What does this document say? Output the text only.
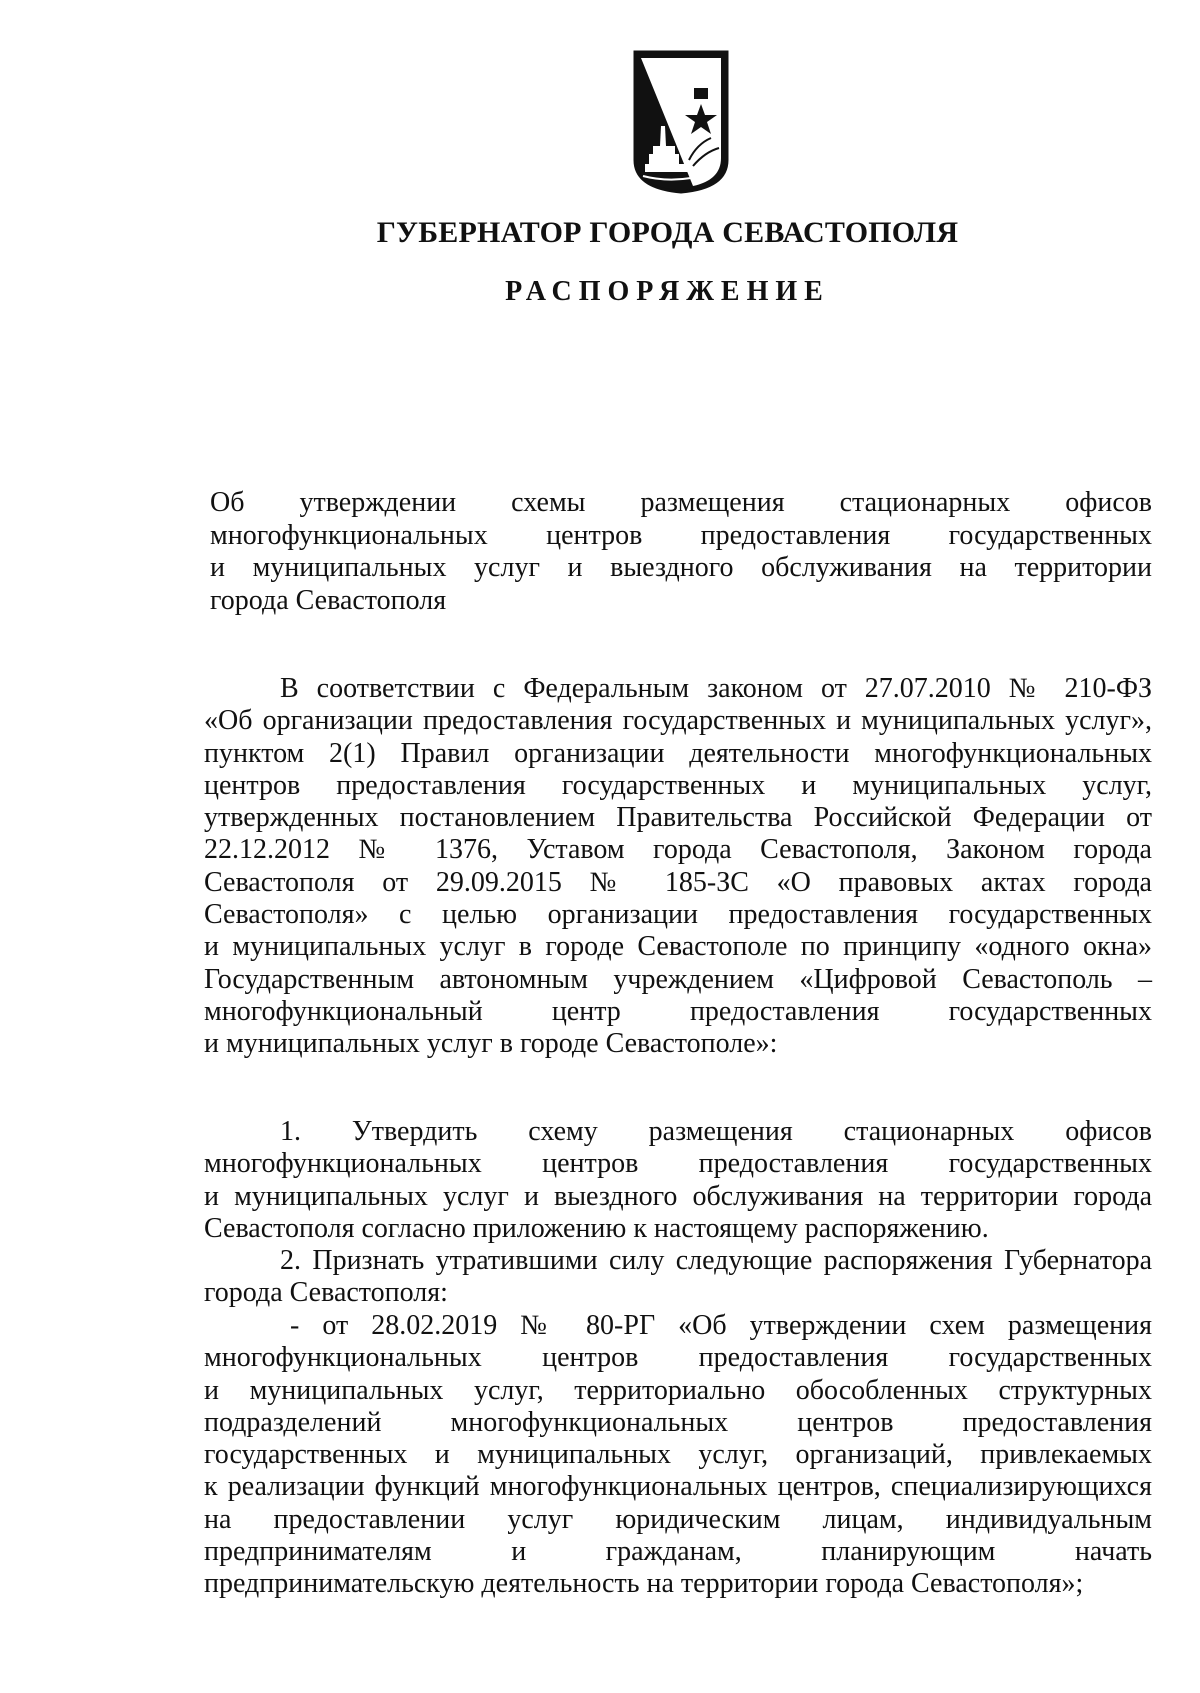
ГУБЕРНАТОР ГОРОДА СЕВАСТОПОЛЯ
РАСПОРЯЖЕНИЕ
Об утверждении схемы размещения стационарных офисов
многофункциональных центров предоставления государственных
и муниципальных услуг и выездного обслуживания на территории
города Севастополя
В соответствии с Федеральным законом от 27.07.2010 № 210-ФЗ
«Об организации предоставления государственных и муниципальных услуг»,
пунктом 2(1) Правил организации деятельности многофункциональных
центров предоставления государственных и муниципальных услуг,
утвержденных постановлением Правительства Российской Федерации от
22.12.2012 № 1376, Уставом города Севастополя, Законом города
Севастополя от 29.09.2015 № 185-ЗС «О правовых актах города
Севастополя» с целью организации предоставления государственных
и муниципальных услуг в городе Севастополе по принципу «одного окна»
Государственным автономным учреждением «Цифровой Севастополь –
многофункциональный центр предоставления государственных
и муниципальных услуг в городе Севастополе»:
1. Утвердить схему размещения стационарных офисов
многофункциональных центров предоставления государственных
и муниципальных услуг и выездного обслуживания на территории города
Севастополя согласно приложению к настоящему распоряжению.
2. Признать утратившими силу следующие распоряжения Губернатора
города Севастополя:
- от 28.02.2019 № 80-РГ «Об утверждении схем размещения
многофункциональных центров предоставления государственных
и муниципальных услуг, территориально обособленных структурных
подразделений многофункциональных центров предоставления
государственных и муниципальных услуг, организаций, привлекаемых
к реализации функций многофункциональных центров, специализирующихся
на предоставлении услуг юридическим лицам, индивидуальным
предпринимателям и гражданам, планирующим начать
предпринимательскую деятельность на территории города Севастополя»;
